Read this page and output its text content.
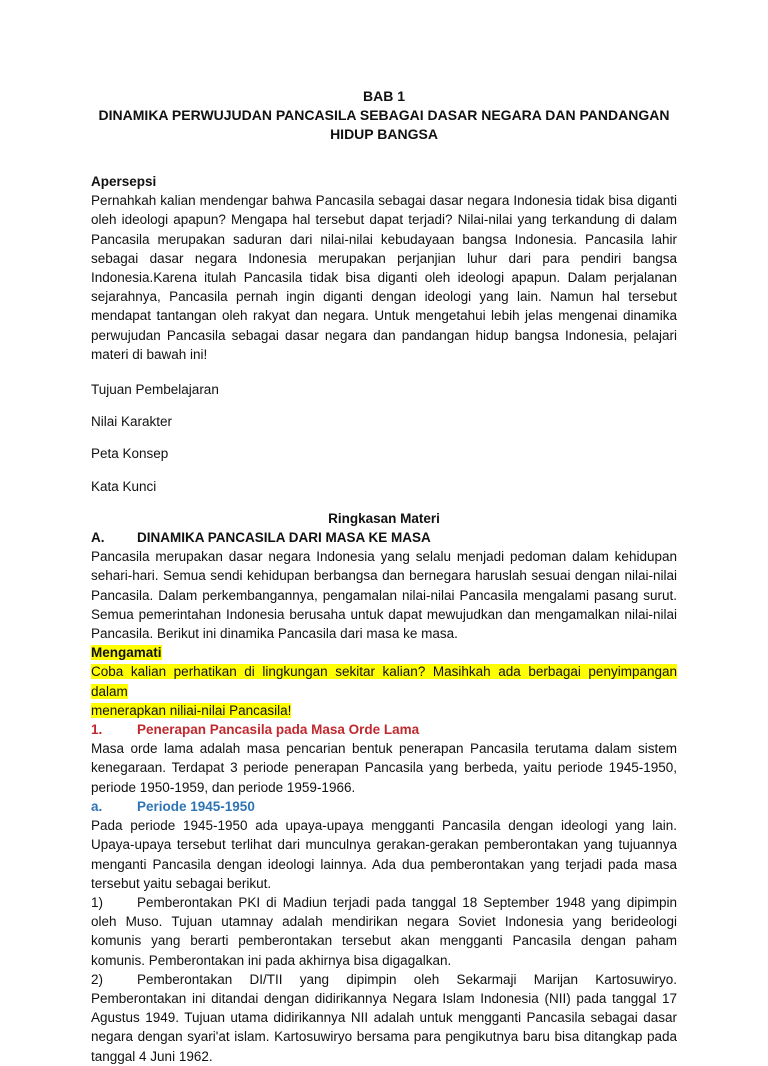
BAB 1
DINAMIKA PERWUJUDAN PANCASILA SEBAGAI DASAR NEGARA DAN PANDANGAN
HIDUP BANGSA

Apersepsi

Pernahkah kalian mendengar bahwa Pancasila sebagai dasar negara Indonesia tidak bisa diganti oleh ideologi apapun? Mengapa hal tersebut dapat terjadi? Nilai-nilai yang terkandung di dalam Pancasila merupakan saduran dari nilai-nilai kebudayaan bangsa Indonesia. Pancasila lahir sebagai dasar negara Indonesia merupakan perjanjian luhur dari para pendiri bangsa Indonesia.Karena itulah Pancasila tidak bisa diganti oleh ideologi apapun. Dalam perjalanan sejarahnya, Pancasila pernah ingin diganti dengan ideologi yang lain. Namun hal tersebut mendapat tantangan oleh rakyat dan negara. Untuk mengetahui lebih jelas mengenai dinamika perwujudan Pancasila sebagai dasar negara dan pandangan hidup bangsa Indonesia, pelajari materi di bawah ini!

Tujuan Pembelajaran

Nilai Karakter

Peta Konsep

Kata Kunci

Ringkasan Materi

A.	DINAMIKA PANCASILA DARI MASA KE MASA

Pancasila merupakan dasar negara Indonesia yang selalu menjadi pedoman dalam kehidupan sehari-hari. Semua sendi kehidupan berbangsa dan bernegara haruslah sesuai dengan nilai-nilai Pancasila. Dalam perkembangannya, pengamalan nilai-nilai Pancasila mengalami pasang surut. Semua pemerintahan Indonesia berusaha untuk dapat mewujudkan dan mengamalkan nilai-nilai Pancasila. Berikut ini dinamika Pancasila dari masa ke masa.

Mengamati

Coba kalian perhatikan di lingkungan sekitar kalian? Masihkah ada berbagai penyimpangan dalam

menerapkan niliai-nilai Pancasila!

1.	Penerapan Pancasila pada Masa Orde Lama

Masa orde lama adalah masa pencarian bentuk penerapan Pancasila terutama dalam sistem kenegaraan. Terdapat 3 periode penerapan Pancasila yang berbeda, yaitu periode 1945-1950, periode 1950-1959, dan periode 1959-1966.

a.	Periode 1945-1950

Pada periode 1945-1950 ada upaya-upaya mengganti Pancasila dengan ideologi yang lain. Upaya-upaya tersebut terlihat dari munculnya gerakan-gerakan pemberontakan yang tujuannya menganti Pancasila dengan ideologi lainnya. Ada dua pemberontakan yang terjadi pada masa tersebut yaitu sebagai berikut.

1)	Pemberontakan PKI di Madiun terjadi pada tanggal 18 September 1948 yang dipimpin oleh Muso. Tujuan utamnay adalah mendirikan negara Soviet Indonesia yang berideologi komunis yang berarti pemberontakan tersebut akan mengganti Pancasila dengan paham komunis. Pemberontakan ini pada akhirnya bisa digagalkan.

2)	Pemberontakan DI/TII yang dipimpin oleh Sekarmaji Marijan Kartosuwiryo. Pemberontakan ini ditandai dengan didirikannya Negara Islam Indonesia (NII) pada tanggal 17 Agustus 1949. Tujuan utama didirikannya NII adalah untuk mengganti Pancasila sebagai dasar negara dengan syari'at islam. Kartosuwiryo bersama para pengikutnya baru bisa ditangkap pada tanggal 4 Juni 1962.
